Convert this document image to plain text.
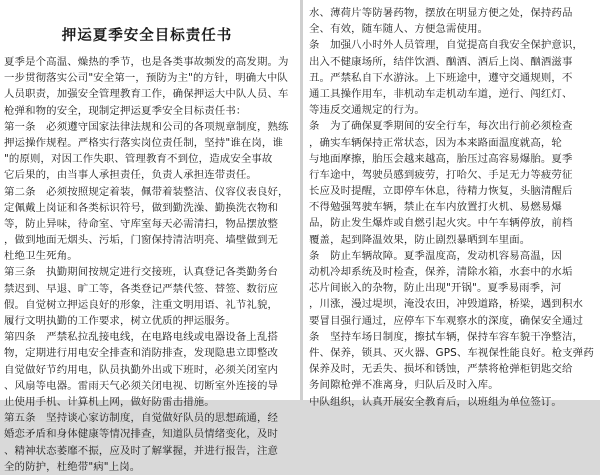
押运夏季安全目标责任书
夏季是个高温、燥热的季节，也是各类事故频发的高发期。为
一步贯彻落实公司"安全第一，预防为主"的方针，明确大中队
人员职责，加强安全管理教育工作，确保押运大中队人员、车
枪弹和物的安全，现制定押运夏季安全目标责任书：
第一条　必须遵守国家法律法规和公司的各项规章制度，熟练
押运操作规程。严格实行落实岗位责任制，坚持"谁在岗，谁
"的原则，对因工作失职、管理教育不到位，造成安全事故
它后果的，由当事人承担责任，负责人承担连带责任。
第二条　必须按照规定着装，佩带着装整洁、仪容仪表良好，
定佩戴上岗证和各类标识符号，做到勤洗澡、勤换洗衣物和
等，防止异味，待命室、守库室每天必需清扫，物品摆放整
，做到地面无烟头、污垢，门窗保持清洁明亮、墙壁做到无
杜绝卫生死角。
第三条　执勤期间按规定进行交接班，认真登记各类勤务台
禁迟到、早退、旷工等，各类登记严禁代签、替签、数衍应
假。自觉树立押运良好的形象，注重文明用语、礼节礼貌，
履行文明执勤的工作要求，树立优质的押运服务。
第四条　严禁私拉乱接电线，在电路电线或电器设备上乱搭
物，定期进行用电安全排查和消防排查，发现隐患立即整改
自觉做好节约用电，队员执勤外出或下班时，必须关闭室内
、风扇等电器。雷雨天气必须关闭电视、切断室外连接的导
止使用手机、计算机上网，做好防雷击措施。
第五条　坚持谈心家访制度，自觉做好队员的思想疏通，经
婚恋矛盾和身体健康等情况排查，知道队员情绪变化，及时
、精神状态萎靡不振，应及时了解掌握，并进行报告，注意
全的防护，杜绝带"病"上岗。
水、薄荷片等防暑药物，摆放在明显方便之处，保持药品
全、有效，随车随人、方便急需使用。
条　加强八小时外人员管理，自觉提高自我安全保护意识，
出入不健康场所，结伴饮酒、酗酒、酒后上岗、酗酒滋事
丑。严禁私自下水游泳。上下班途中，遵守交通规则，不
通工具操作用车，非机动车走机动车道，逆行、闯红灯、
等违反交通规定的行为。
条　为了确保夏季期间的安全行车，每次出行前必须检查
，确实车辆保持正常状态，因为本来路面温度就高，轮
与地面摩擦，胎压会越来越高，胎压过高容易爆胎。夏季
行车途中，驾驶员感到疲劳，打哈欠、手足无力等疲劳征
长应及时提醒，立即停车休息，待精力恢复，头脑清醒后
不得勉强驾驶车辆，禁止在车内放置打火机、易燃易爆
品，防止发生爆炸或自燃引起火灾。中午车辆停放，前档
覆盖，起到降温效果，防止剧烈暴晒到车里面。
条　防止车辆故障。夏季温度高，发动机容易高温，因
动机冷却系统及时检查，保养，清除水箱，水套中的水垢
芯片间嵌入的杂物，防止出现"开锅"。夏季易雨季，河
，川涨，漫过堤坝，淹没农田，冲毁道路，桥梁，遇到积水
要冒目强行通过，应停车下车观察水的深度，确保安全通过
条　坚持车场日制度，擦拭车辆，保持车容车貌干净整洁，
件、保养，锁具、灭火器、GPS、车视保性能良好。枪支弹药
保养及时，无丢失、损坏和锈蚀，严禁将枪弹柜钥匙交给
务间隙枪弹不准离身，归队后及时入库。
中队组织，认真开展安全教育后，以班组为单位签订。
